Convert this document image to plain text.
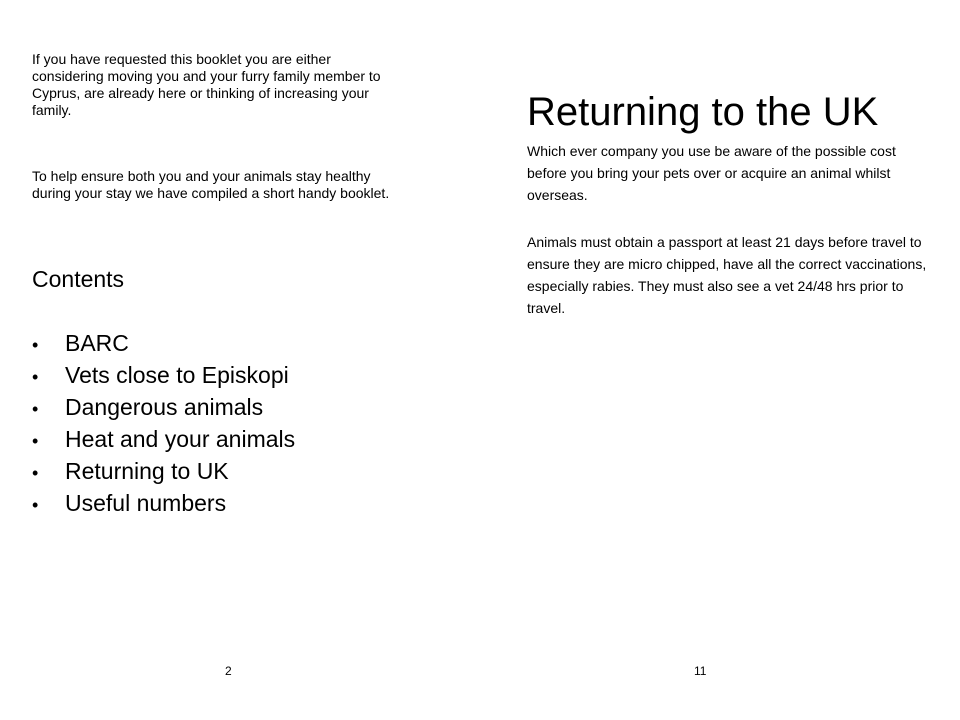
If you have requested this booklet you are either considering moving you and your furry family member to Cyprus, are already here or thinking of increasing your family.

To help ensure both you and your animals stay healthy during your stay we have compiled a short handy booklet.

Contents
• BARC
• Vets close to Episkopi
• Dangerous animals
• Heat and your animals
• Returning to UK
• Useful numbers

2

Returning to the UK

Which ever company you use be aware of the possible cost before you bring your pets over or acquire an animal whilst overseas.

Animals must obtain a passport at least 21 days before travel to ensure they are micro chipped, have all the correct vaccinations, especially rabies. They must also see a vet 24/48 hrs prior to travel.

11
